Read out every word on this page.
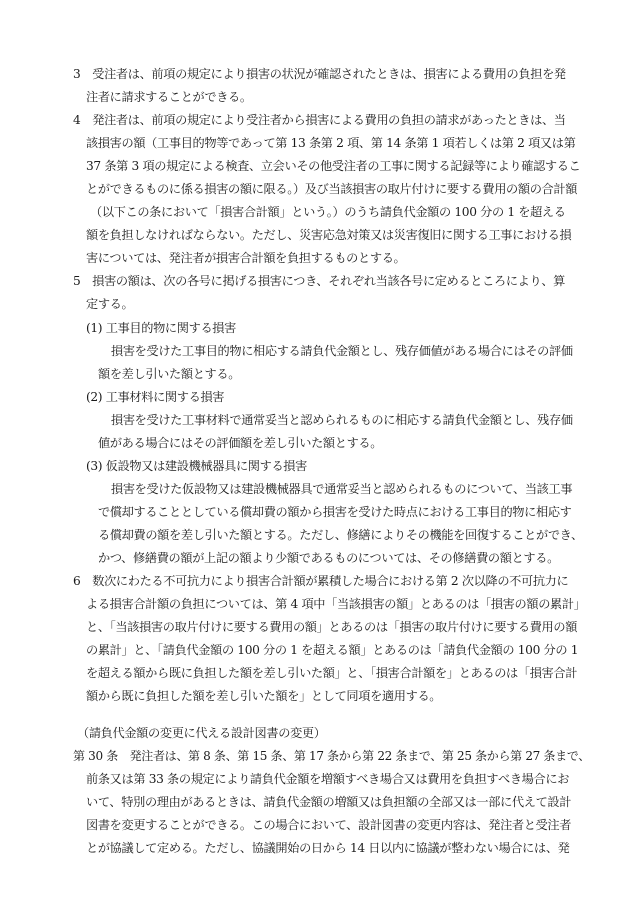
3　受注者は、前項の規定により損害の状況が確認されたときは、損害による費用の負担を発
注者に請求することができる。
4　発注者は、前項の規定により受注者から損害による費用の負担の請求があったときは、当
該損害の額（工事目的物等であって第 13 条第 2 項、第 14 条第 1 項若しくは第 2 項又は第
37 条第 3 項の規定による検査、立会いその他受注者の工事に関する記録等により確認するこ
とができるものに係る損害の額に限る。）及び当該損害の取片付けに要する費用の額の合計額
（以下この条において「損害合計額」という。）のうち請負代金額の 100 分の 1 を超える
額を負担しなければならない。ただし、災害応急対策又は災害復旧に関する工事における損
害については、発注者が損害合計額を負担するものとする。
5　損害の額は、次の各号に掲げる損害につき、それぞれ当該各号に定めるところにより、算
定する。
(1) 工事目的物に関する損害
損害を受けた工事目的物に相応する請負代金額とし、残存価値がある場合にはその評価
額を差し引いた額とする。
(2) 工事材料に関する損害
損害を受けた工事材料で通常妥当と認められるものに相応する請負代金額とし、残存価
値がある場合にはその評価額を差し引いた額とする。
(3) 仮設物又は建設機械器具に関する損害
損害を受けた仮設物又は建設機械器具で通常妥当と認められるものについて、当該工事
で償却することとしている償却費の額から損害を受けた時点における工事目的物に相応す
る償却費の額を差し引いた額とする。ただし、修繕によりその機能を回復することができ、
かつ、修繕費の額が上記の額より少額であるものについては、その修繕費の額とする。
6　数次にわたる不可抗力により損害合計額が累積した場合における第 2 次以降の不可抗力に
よる損害合計額の負担については、第 4 項中「当該損害の額」とあるのは「損害の額の累計」
と、「当該損害の取片付けに要する費用の額」とあるのは「損害の取片付けに要する費用の額
の累計」と、「請負代金額の 100 分の 1 を超える額」とあるのは「請負代金額の 100 分の 1
を超える額から既に負担した額を差し引いた額」と、「損害合計額を」とあるのは「損害合計
額から既に負担した額を差し引いた額を」として同項を適用する。
（請負代金額の変更に代える設計図書の変更）
第 30 条　発注者は、第 8 条、第 15 条、第 17 条から第 22 条まで、第 25 条から第 27 条まで、
前条又は第 33 条の規定により請負代金額を増額すべき場合又は費用を負担すべき場合にお
いて、特別の理由があるときは、請負代金額の増額又は負担額の全部又は一部に代えて設計
図書を変更することができる。この場合において、設計図書の変更内容は、発注者と受注者
とが協議して定める。ただし、協議開始の日から 14 日以内に協議が整わない場合には、発
